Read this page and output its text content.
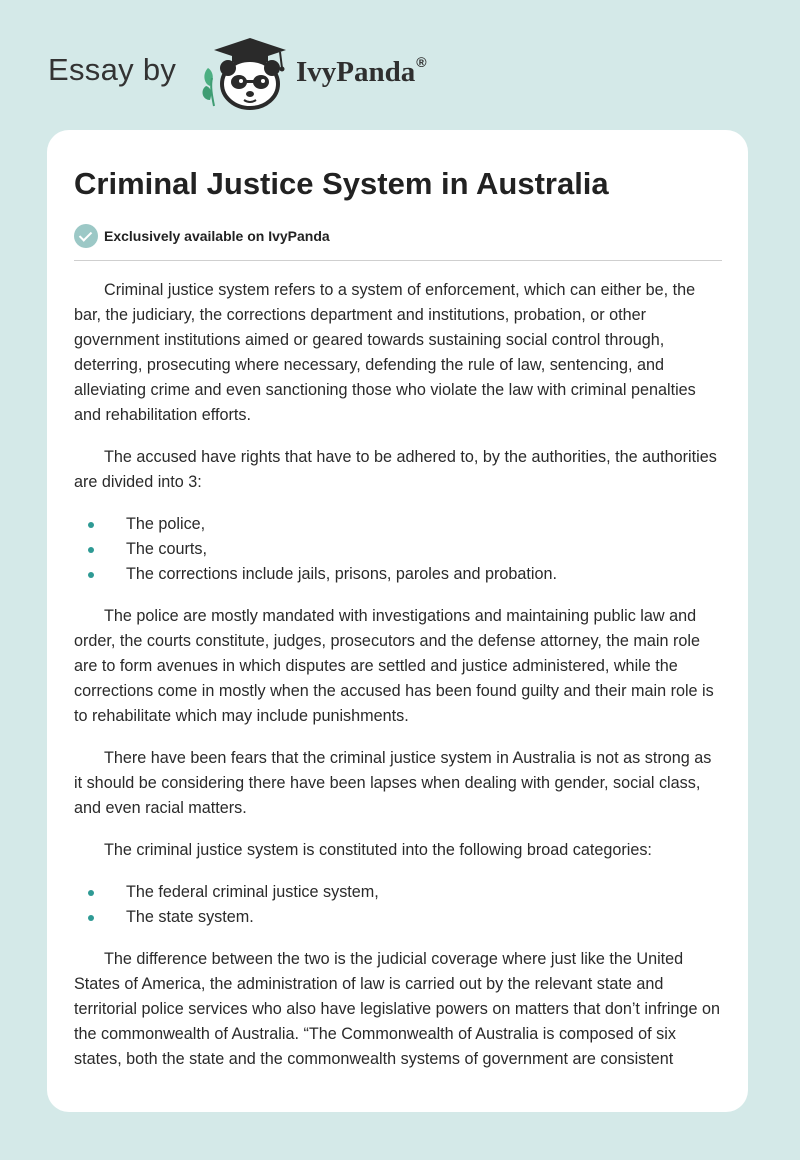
Essay by	IvyPanda®
Criminal Justice System in Australia
Exclusively available on IvyPanda

Criminal justice system refers to a system of enforcement, which can either be, the bar, the judiciary, the corrections department and institutions, probation, or other government institutions aimed or geared towards sustaining social control through, deterring, prosecuting where necessary, defending the rule of law, sentencing, and alleviating crime and even sanctioning those who violate the law with criminal penalties and rehabilitation efforts.

The accused have rights that have to be adhered to, by the authorities, the authorities are divided into 3:

The police,
The courts,
The corrections include jails, prisons, paroles and probation.

The police are mostly mandated with investigations and maintaining public law and order, the courts constitute, judges, prosecutors and the defense attorney, the main role are to form avenues in which disputes are settled and justice administered, while the corrections come in mostly when the accused has been found guilty and their main role is to rehabilitate which may include punishments.

There have been fears that the criminal justice system in Australia is not as strong as it should be considering there have been lapses when dealing with gender, social class, and even racial matters.

The criminal justice system is constituted into the following broad categories:

The federal criminal justice system,
The state system.

The difference between the two is the judicial coverage where just like the United States of America, the administration of law is carried out by the relevant state and territorial police services who also have legislative powers on matters that don’t infringe on the commonwealth of Australia. “The Commonwealth of Australia is composed of six states, both the state and the commonwealth systems of government are consistent
